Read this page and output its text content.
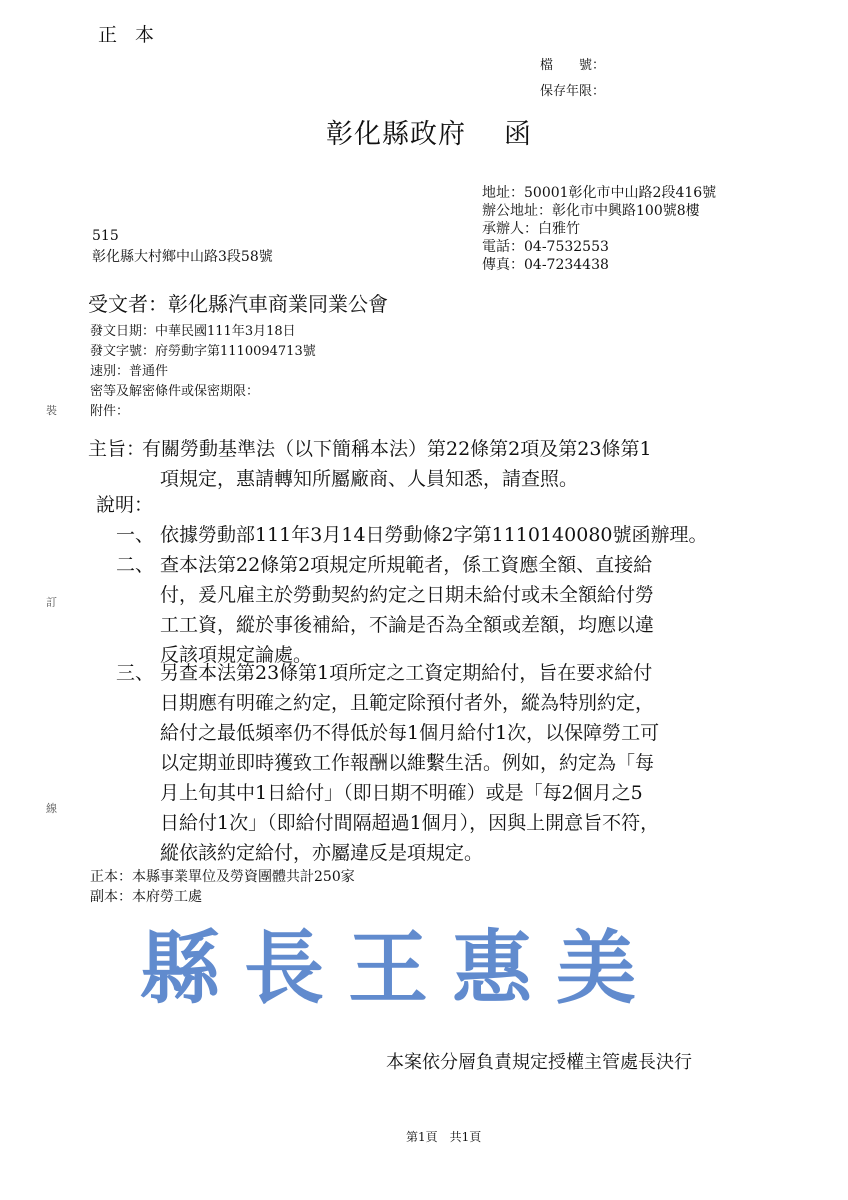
正本
檔　　號：
保存年限：
彰化縣政府 函
地址：50001彰化市中山路2段416號
辦公地址：彰化市中興路100號8樓
承辦人：白雅竹
電話：04-7532553
傳真：04-7234438
515
彰化縣大村鄉中山路3段58號
受文者：彰化縣汽車商業同業公會
發文日期：中華民國111年3月18日
發文字號：府勞動字第1110094713號
速別：普通件
密等及解密條件或保密期限：
附件：
裝
訂
線
主旨：
有關勞動基準法（以下簡稱本法）第22條第2項及第23條第1
項規定，惠請轉知所屬廠商、人員知悉，請查照。
說明：
一、 依據勞動部111年3月14日勞動條2字第1110140080號函辦理。
二、 查本法第22條第2項規定所規範者，係工資應全額、直接給
付，爰凡雇主於勞動契約約定之日期未給付或未全額給付勞
工工資，縱於事後補給，不論是否為全額或差額，均應以違
反該項規定論處。
三、 另查本法第23條第1項所定之工資定期給付，旨在要求給付
日期應有明確之約定，且範定除預付者外，縱為特別約定，
給付之最低頻率仍不得低於每1個月給付1次，以保障勞工可
以定期並即時獲致工作報酬以維繫生活。例如，約定為「每
月上旬其中1日給付」（即日期不明確）或是「每2個月之5
日給付1次」（即給付間隔超過1個月），因與上開意旨不符，
縱依該約定給付，亦屬違反是項規定。
正本：本縣事業單位及勞資團體共計250家
副本：本府勞工處
縣 長 王 惠 美
本案依分層負責規定授權主管處長決行
第1頁　共1頁
